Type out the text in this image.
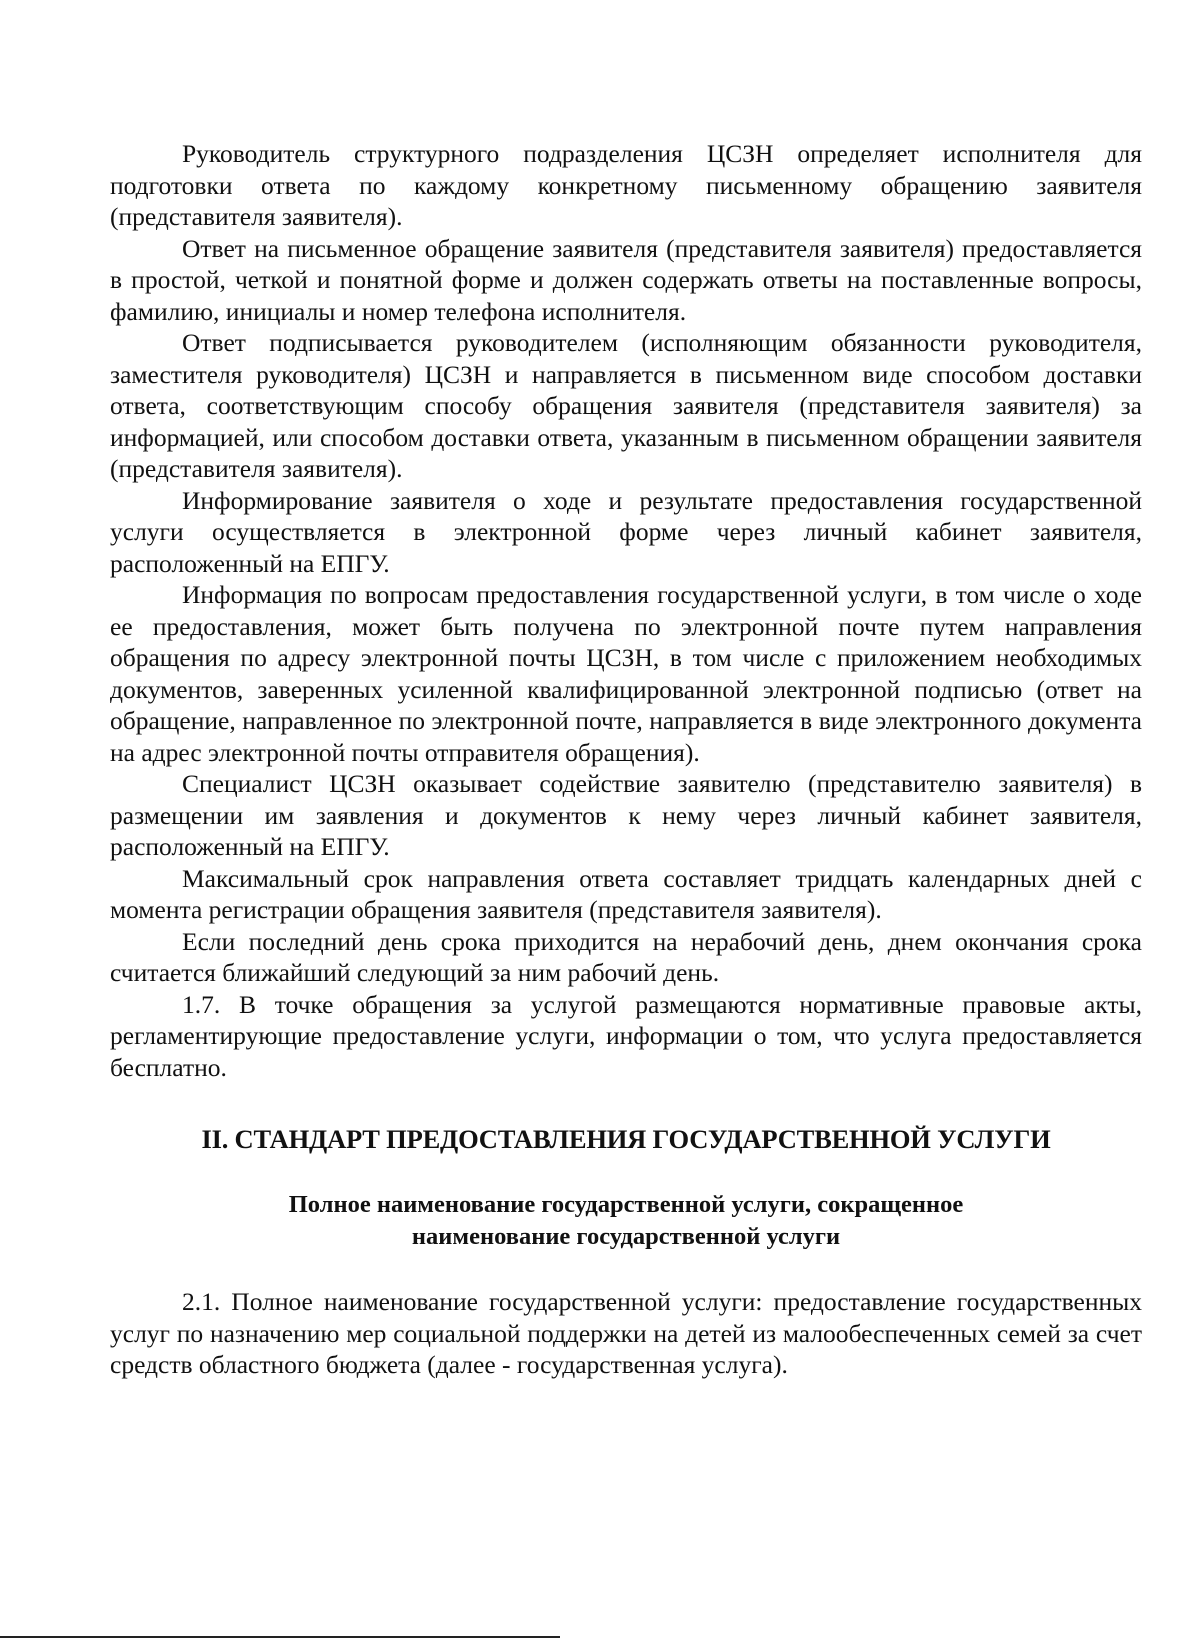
Руководитель структурного подразделения ЦСЗН определяет исполнителя для подготовки ответа по каждому конкретному письменному обращению заявителя (представителя заявителя).

Ответ на письменное обращение заявителя (представителя заявителя) предоставляется в простой, четкой и понятной форме и должен содержать ответы на поставленные вопросы, фамилию, инициалы и номер телефона исполнителя.

Ответ подписывается руководителем (исполняющим обязанности руководителя, заместителя руководителя) ЦСЗН и направляется в письменном виде способом доставки ответа, соответствующим способу обращения заявителя (представителя заявителя) за информацией, или способом доставки ответа, указанным в письменном обращении заявителя (представителя заявителя).

Информирование заявителя о ходе и результате предоставления государственной услуги осуществляется в электронной форме через личный кабинет заявителя, расположенный на ЕПГУ.

Информация по вопросам предоставления государственной услуги, в том числе о ходе ее предоставления, может быть получена по электронной почте путем направления обращения по адресу электронной почты ЦСЗН, в том числе с приложением необходимых документов, заверенных усиленной квалифицированной электронной подписью (ответ на обращение, направленное по электронной почте, направляется в виде электронного документа на адрес электронной почты отправителя обращения).

Специалист ЦСЗН оказывает содействие заявителю (представителю заявителя) в размещении им заявления и документов к нему через личный кабинет заявителя, расположенный на ЕПГУ.

Максимальный срок направления ответа составляет тридцать календарных дней с момента регистрации обращения заявителя (представителя заявителя).

Если последний день срока приходится на нерабочий день, днем окончания срока считается ближайший следующий за ним рабочий день.

1.7. В точке обращения за услугой размещаются нормативные правовые акты, регламентирующие предоставление услуги, информации о том, что услуга предоставляется бесплатно.

II. СТАНДАРТ ПРЕДОСТАВЛЕНИЯ ГОСУДАРСТВЕННОЙ УСЛУГИ
Полное наименование государственной услуги, сокращенное
наименование государственной услуги

2.1. Полное наименование государственной услуги: предоставление государственных услуг по назначению мер социальной поддержки на детей из малообеспеченных семей за счет средств областного бюджета (далее - государственная услуга).
